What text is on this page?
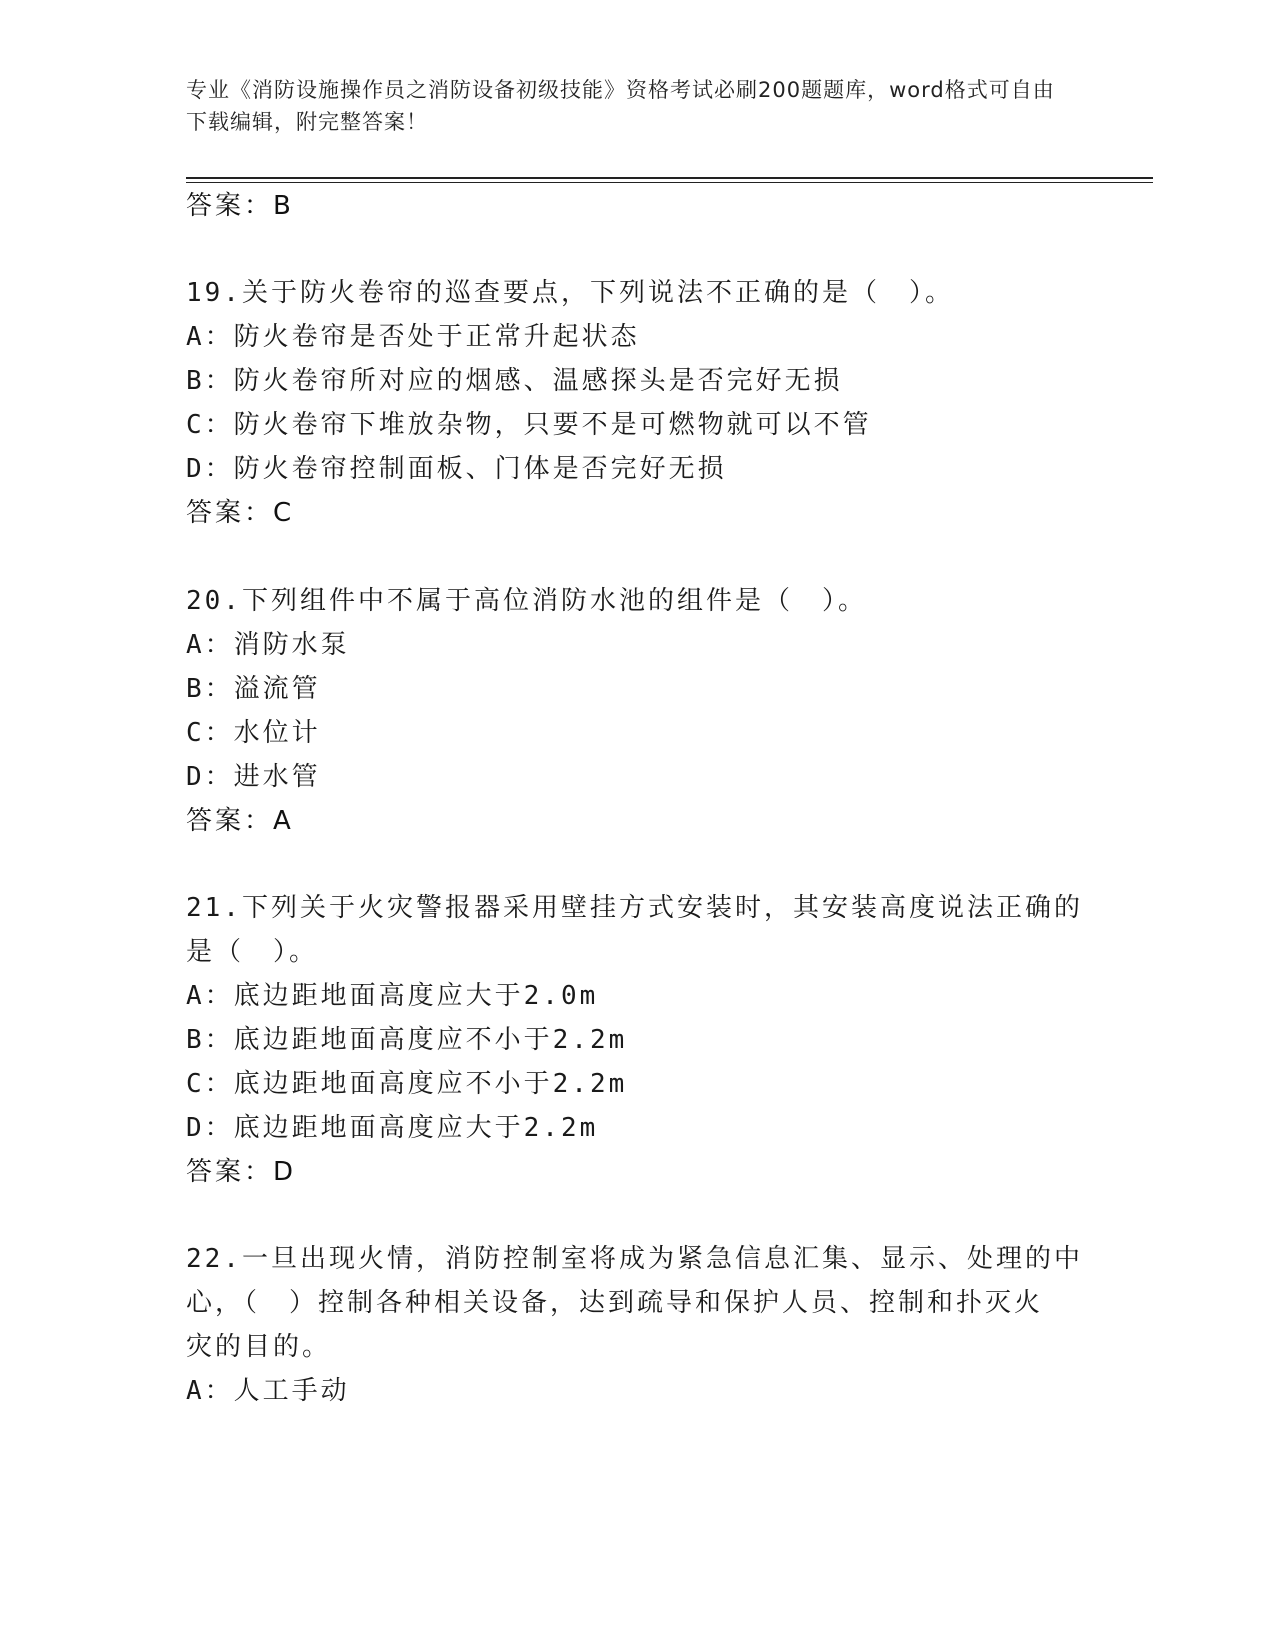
专业《消防设施操作员之消防设备初级技能》资格考试必刷200题题库，word格式可自由下载编辑，附完整答案！
答案：B
19.关于防火卷帘的巡查要点，下列说法不正确的是（　）。
A：防火卷帘是否处于正常升起状态
B：防火卷帘所对应的烟感、温感探头是否完好无损
C：防火卷帘下堆放杂物，只要不是可燃物就可以不管
D：防火卷帘控制面板、门体是否完好无损
答案：C
20.下列组件中不属于高位消防水池的组件是（　）。
A：消防水泵
B：溢流管
C：水位计
D：进水管
答案：A
21.下列关于火灾警报器采用壁挂方式安装时，其安装高度说法正确的
是（　）。
A：底边距地面高度应大于2.0m
B：底边距地面高度应不小于2.2m
C：底边距地面高度应不小于2.2m
D：底边距地面高度应大于2.2m
答案：D
22.一旦出现火情，消防控制室将成为紧急信息汇集、显示、处理的中
心，（　）控制各种相关设备，达到疏导和保护人员、控制和扑灭火
灾的目的。
A：人工手动
